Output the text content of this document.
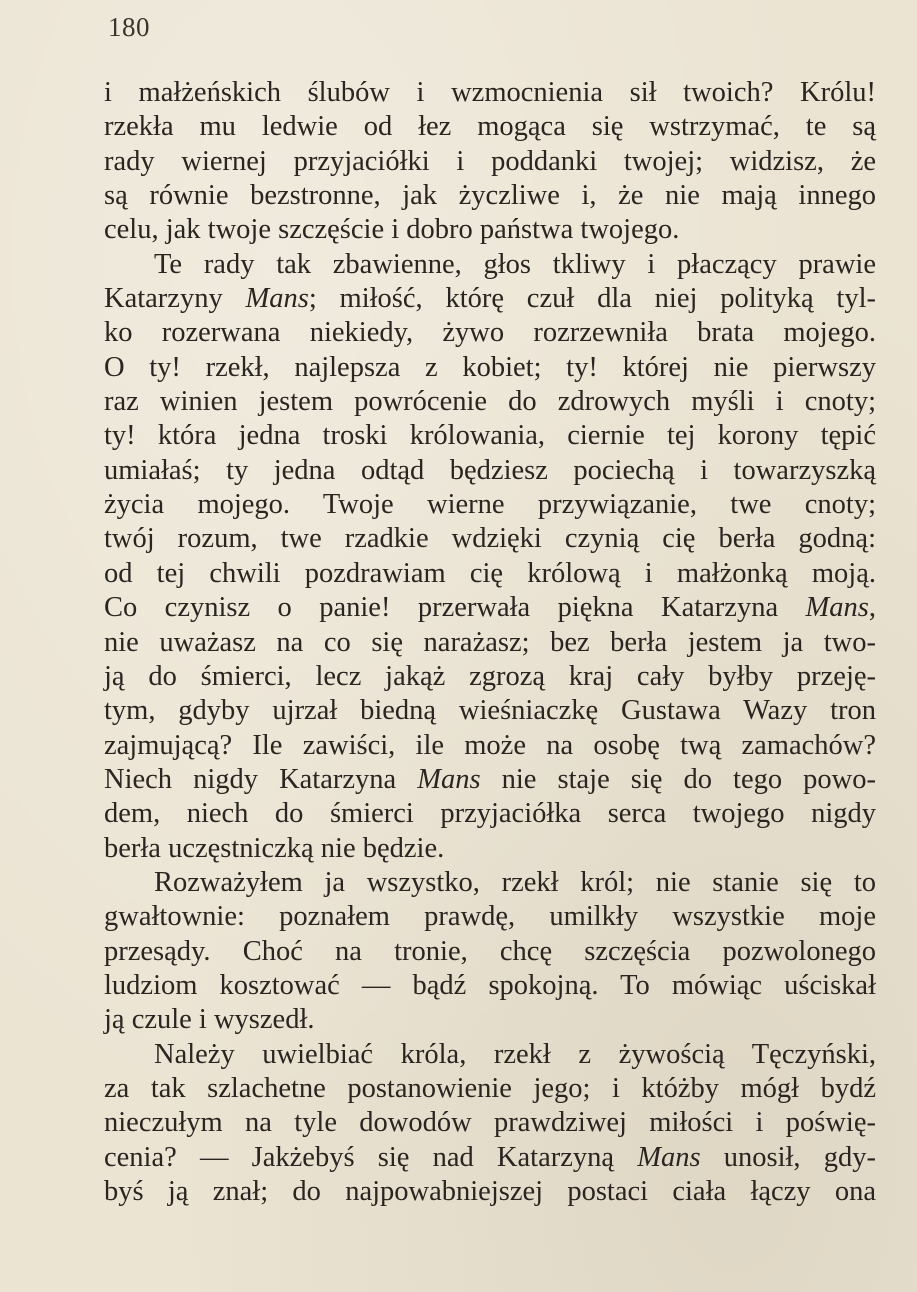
180
i małżeńskich ślubów i wzmocnienia sił twoich? Królu!
rzekła mu ledwie od łez mogąca się wstrzymać, te są
rady wiernej przyjaciółki i poddanki twojej; widzisz, że
są równie bezstronne, jak życzliwe i, że nie mają innego
celu, jak twoje szczęście i dobro państwa twojego.
Te rady tak zbawienne, głos tkliwy i płaczący prawie
Katarzyny Mans; miłość, którę czuł dla niej polityką tyl-
ko rozerwana niekiedy, żywo rozrzewniła brata mojego.
O ty! rzekł, najlepsza z kobiet; ty! której nie pierwszy
raz winien jestem powrócenie do zdrowych myśli i cnoty;
ty! która jedna troski królowania, ciernie tej korony tępić
umiałaś; ty jedna odtąd będziesz pociechą i towarzyszką
życia mojego. Twoje wierne przywiązanie, twe cnoty;
twój rozum, twe rzadkie wdzięki czynią cię berła godną:
od tej chwili pozdrawiam cię królową i małżonką moją.
Co czynisz o panie! przerwała piękna Katarzyna Mans,
nie uważasz na co się narażasz; bez berła jestem ja two-
ją do śmierci, lecz jakąż zgrozą kraj cały byłby przeję-
tym, gdyby ujrzał biedną wieśniaczkę Gustawa Wazy tron
zajmującą? Ile zawiści, ile może na osobę twą zamachów?
Niech nigdy Katarzyna Mans nie staje się do tego powo-
dem, niech do śmierci przyjaciółka serca twojego nigdy
berła uczęstniczką nie będzie.
Rozważyłem ja wszystko, rzekł król; nie stanie się to
gwałtownie: poznałem prawdę, umilkły wszystkie moje
przesądy. Choć na tronie, chcę szczęścia pozwolonego
ludziom kosztować — bądź spokojną. To mówiąc uściskał
ją czule i wyszedł.
Należy uwielbiać króla, rzekł z żywością Tęczyński,
za tak szlachetne postanowienie jego; i któżby mógł bydź
nieczułym na tyle dowodów prawdziwej miłości i poświę-
cenia? — Jakżebyś się nad Katarzyną Mans unosił, gdy-
byś ją znał; do najpowabniejszej postaci ciała łączy ona
